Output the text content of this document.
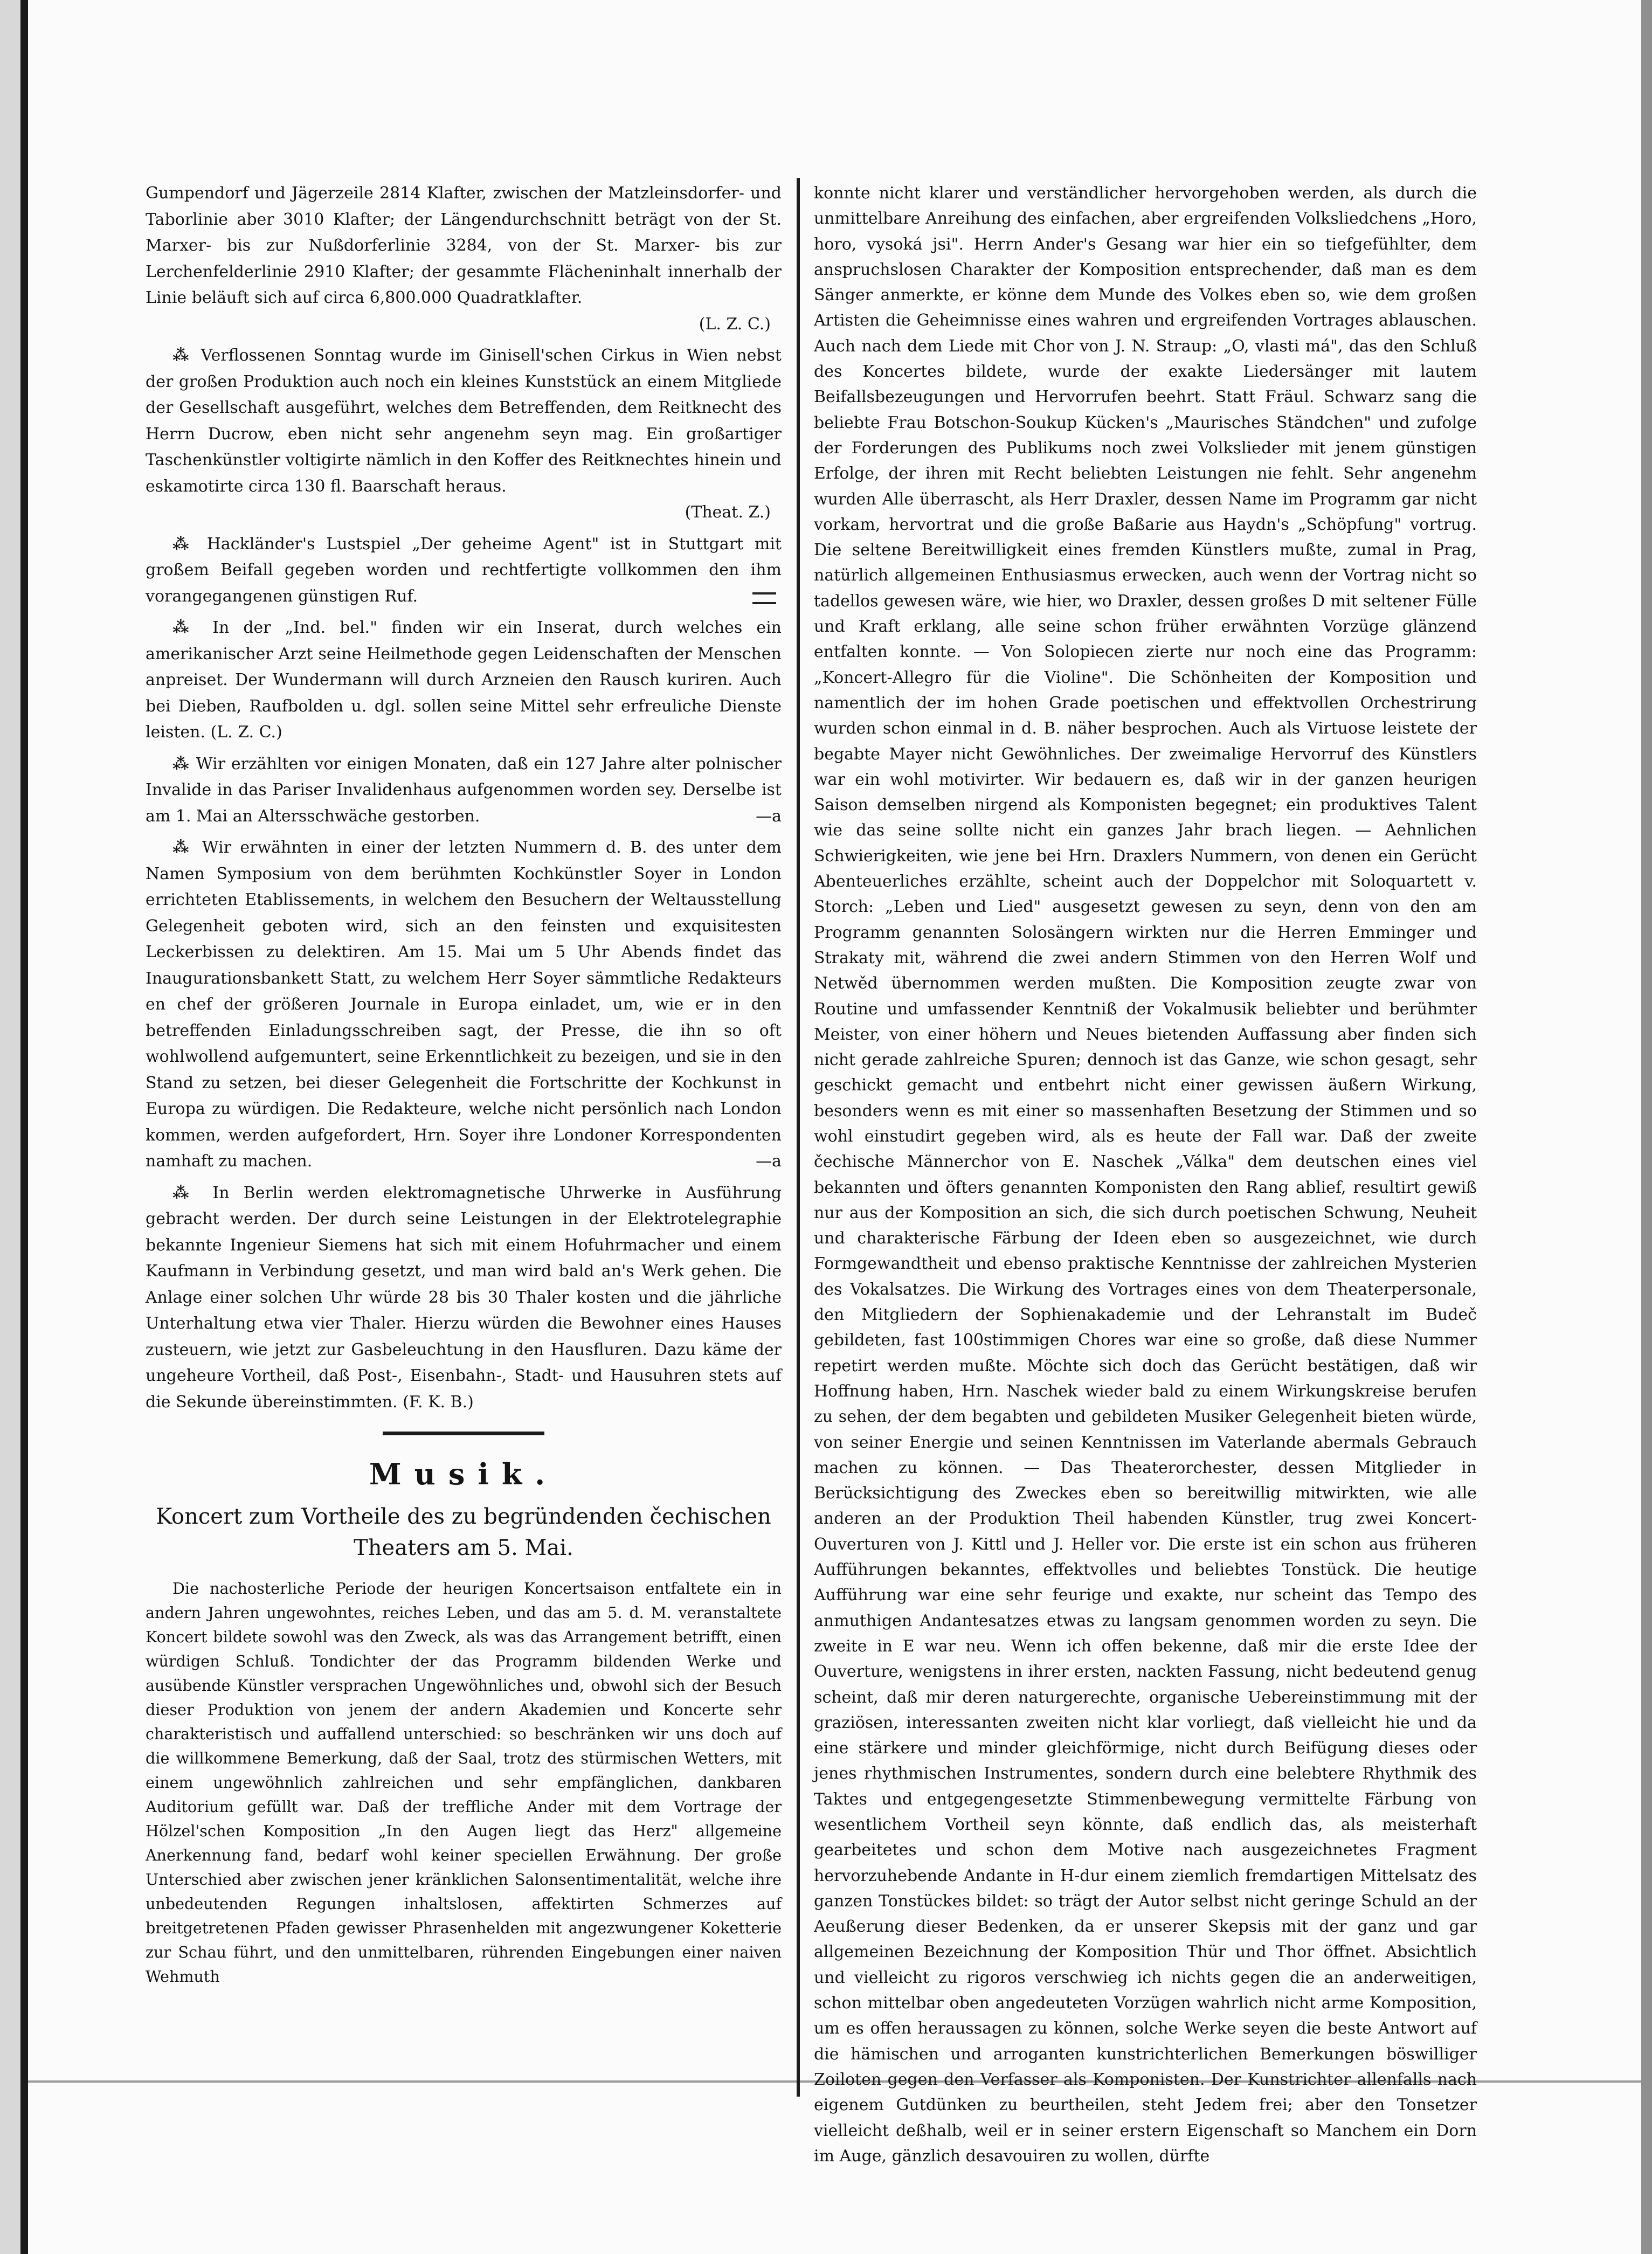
Gumpendorf und Jägerzeile 2814 Klafter, zwischen der Matzleinsdorfer- und Taborlinie aber 3010 Klafter; der Längendurchschnitt beträgt von der St. Marxer- bis zur Nußdorferlinie 3284, von der St. Marxer- bis zur Lerchenfelderlinie 2910 Klafter; der gesammte Flächeninhalt innerhalb der Linie beläuft sich auf circa 6,800.000 Quadratklafter.
(L. Z. C.)

⁂ Verflossenen Sonntag wurde im Ginisell'schen Cirkus in Wien nebst der großen Produktion auch noch ein kleines Kunststück an einem Mitgliede der Gesellschaft ausgeführt, welches dem Betreffenden, dem Reitknecht des Herrn Ducrow, eben nicht sehr angenehm seyn mag. Ein großartiger Taschenkünstler voltigirte nämlich in den Koffer des Reitknechtes hinein und eskamotirte circa 130 fl. Baarschaft heraus.
(Theat. Z.)

⁂ Hackländer's Lustspiel „Der geheime Agent" ist in Stuttgart mit großem Beifall gegeben worden und rechtfertigte vollkommen den ihm vorangegangenen günstigen Ruf.

⁂ In der „Ind. bel." finden wir ein Inserat, durch welches ein amerikanischer Arzt seine Heilmethode gegen Leidenschaften der Menschen anpreiset. Der Wundermann will durch Arzneien den Rausch kuriren. Auch bei Dieben, Raufbolden u. dgl. sollen seine Mittel sehr erfreuliche Dienste leisten. (L. Z. C.)

⁂ Wir erzählten vor einigen Monaten, daß ein 127 Jahre alter polnischer Invalide in das Pariser Invalidenhaus aufgenommen worden sey. Derselbe ist am 1. Mai an Altersschwäche gestorben.	—a

⁂ Wir erwähnten in einer der letzten Nummern d. B. des unter dem Namen Symposium von dem berühmten Kochkünstler Soyer in London errichteten Etablissements, in welchem den Besuchern der Weltausstellung Gelegenheit geboten wird, sich an den feinsten und exquisitesten Leckerbissen zu delektiren. Am 15. Mai um 5 Uhr Abends findet das Inaugurationsbankett Statt, zu welchem Herr Soyer sämmtliche Redakteurs en chef der größeren Journale in Europa einladet, um, wie er in den betreffenden Einladungsschreiben sagt, der Presse, die ihn so oft wohlwollend aufgemuntert, seine Erkenntlichkeit zu bezeigen, und sie in den Stand zu setzen, bei dieser Gelegenheit die Fortschritte der Kochkunst in Europa zu würdigen. Die Redakteure, welche nicht persönlich nach London kommen, werden aufgefordert, Hrn. Soyer ihre Londoner Korrespondenten namhaft zu machen.	—a

⁂ In Berlin werden elektromagnetische Uhrwerke in Ausführung gebracht werden. Der durch seine Leistungen in der Elektrotelegraphie bekannte Ingenieur Siemens hat sich mit einem Hofuhrmacher und einem Kaufmann in Verbindung gesetzt, und man wird bald an's Werk gehen. Die Anlage einer solchen Uhr würde 28 bis 30 Thaler kosten und die jährliche Unterhaltung etwa vier Thaler. Hierzu würden die Bewohner eines Hauses zusteuern, wie jetzt zur Gasbeleuchtung in den Hausfluren. Dazu käme der ungeheure Vortheil, daß Post-, Eisenbahn-, Stadt- und Hausuhren stets auf die Sekunde übereinstimmten. (F. K. B.)

Musik.
Koncert zum Vortheile des zu begründenden čechischen Theaters am 5. Mai.

Die nachosterliche Periode der heurigen Koncertsaison entfaltete ein in andern Jahren ungewohntes, reiches Leben, und das am 5. d. M. veranstaltete Koncert bildete sowohl was den Zweck, als was das Arrangement betrifft, einen würdigen Schluß. Tondichter der das Programm bildenden Werke und ausübende Künstler versprachen Ungewöhnliches und, obwohl sich der Besuch dieser Produktion von jenem der andern Akademien und Koncerte sehr charakteristisch und auffallend unterschied: so beschränken wir uns doch auf die willkommene Bemerkung, daß der Saal, trotz des stürmischen Wetters, mit einem ungewöhnlich zahlreichen und sehr empfänglichen, dankbaren Auditorium gefüllt war. Daß der treffliche Ander mit dem Vortrage der Hölzel'schen Komposition „In den Augen liegt das Herz" allgemeine Anerkennung fand, bedarf wohl keiner speciellen Erwähnung. Der große Unterschied aber zwischen jener kränklichen Salonsentimentalität, welche ihre unbedeutenden Regungen inhaltslosen, affektirten Schmerzes auf breitgetretenen Pfaden gewisser Phrasenhelden mit angezwungener Koketterie zur Schau führt, und den unmittelbaren, rührenden Eingebungen einer naiven Wehmuth

konnte nicht klarer und verständlicher hervorgehoben werden, als durch die unmittelbare Anreihung des einfachen, aber ergreifenden Volksliedchens „Horo, horo, vysoká jsi". Herrn Ander's Gesang war hier ein so tiefgefühlter, dem anspruchslosen Charakter der Komposition entsprechender, daß man es dem Sänger anmerkte, er könne dem Munde des Volkes eben so, wie dem großen Artisten die Geheimnisse eines wahren und ergreifenden Vortrages ablauschen. Auch nach dem Liede mit Chor von J. N. Straup: „O, vlasti má", das den Schluß des Koncertes bildete, wurde der exakte Liedersänger mit lautem Beifallsbezeugungen und Hervorrufen beehrt. Statt Fräul. Schwarz sang die beliebte Frau Botschon-Soukup Kücken's „Maurisches Ständchen" und zufolge der Forderungen des Publikums noch zwei Volkslieder mit jenem günstigen Erfolge, der ihren mit Recht beliebten Leistungen nie fehlt. Sehr angenehm wurden Alle überrascht, als Herr Draxler, dessen Name im Programm gar nicht vorkam, hervortrat und die große Baßarie aus Haydn's „Schöpfung" vortrug. Die seltene Bereitwilligkeit eines fremden Künstlers mußte, zumal in Prag, natürlich allgemeinen Enthusiasmus erwecken, auch wenn der Vortrag nicht so tadellos gewesen wäre, wie hier, wo Draxler, dessen großes D mit seltener Fülle und Kraft erklang, alle seine schon früher erwähnten Vorzüge glänzend entfalten konnte. — Von Solopiecen zierte nur noch eine das Programm: „Koncert-Allegro für die Violine". Die Schönheiten der Komposition und namentlich der im hohen Grade poetischen und effektvollen Orchestrirung wurden schon einmal in d. B. näher besprochen. Auch als Virtuose leistete der begabte Mayer nicht Gewöhnliches. Der zweimalige Hervorruf des Künstlers war ein wohl motivirter. Wir bedauern es, daß wir in der ganzen heurigen Saison demselben nirgend als Komponisten begegnet; ein produktives Talent wie das seine sollte nicht ein ganzes Jahr brach liegen. — Aehnlichen Schwierigkeiten, wie jene bei Hrn. Draxlers Nummern, von denen ein Gerücht Abenteuerliches erzählte, scheint auch der Doppelchor mit Soloquartett v. Storch: „Leben und Lied" ausgesetzt gewesen zu seyn, denn von den am Programm genannten Solosängern wirkten nur die Herren Emminger und Strakaty mit, während die zwei andern Stimmen von den Herren Wolf und Netwěd übernommen werden mußten. Die Komposition zeugte zwar von Routine und umfassender Kenntniß der Vokalmusik beliebter und berühmter Meister, von einer höhern und Neues bietenden Auffassung aber finden sich nicht gerade zahlreiche Spuren; dennoch ist das Ganze, wie schon gesagt, sehr geschickt gemacht und entbehrt nicht einer gewissen äußern Wirkung, besonders wenn es mit einer so massenhaften Besetzung der Stimmen und so wohl einstudirt gegeben wird, als es heute der Fall war. Daß der zweite čechische Männerchor von E. Naschek „Válka" dem deutschen eines viel bekannten und öfters genannten Komponisten den Rang ablief, resultirt gewiß nur aus der Komposition an sich, die sich durch poetischen Schwung, Neuheit und charakterische Färbung der Ideen eben so ausgezeichnet, wie durch Formgewandtheit und ebenso praktische Kenntnisse der zahlreichen Mysterien des Vokalsatzes. Die Wirkung des Vortrages eines von dem Theaterpersonale, den Mitgliedern der Sophienakademie und der Lehranstalt im Budeč gebildeten, fast 100stimmigen Chores war eine so große, daß diese Nummer repetirt werden mußte. Möchte sich doch das Gerücht bestätigen, daß wir Hoffnung haben, Hrn. Naschek wieder bald zu einem Wirkungskreise berufen zu sehen, der dem begabten und gebildeten Musiker Gelegenheit bieten würde, von seiner Energie und seinen Kenntnissen im Vaterlande abermals Gebrauch machen zu können. — Das Theaterorchester, dessen Mitglieder in Berücksichtigung des Zweckes eben so bereitwillig mitwirkten, wie alle anderen an der Produktion Theil habenden Künstler, trug zwei Koncert-Ouverturen von J. Kittl und J. Heller vor. Die erste ist ein schon aus früheren Aufführungen bekanntes, effektvolles und beliebtes Tonstück. Die heutige Aufführung war eine sehr feurige und exakte, nur scheint das Tempo des anmuthigen Andantesatzes etwas zu langsam genommen worden zu seyn. Die zweite in E war neu. Wenn ich offen bekenne, daß mir die erste Idee der Ouverture, wenigstens in ihrer ersten, nackten Fassung, nicht bedeutend genug scheint, daß mir deren naturgerechte, organische Uebereinstimmung mit der graziösen, interessanten zweiten nicht klar vorliegt, daß vielleicht hie und da eine stärkere und minder gleichförmige, nicht durch Beifügung dieses oder jenes rhythmischen Instrumentes, sondern durch eine belebtere Rhythmik des Taktes und entgegengesetzte Stimmenbewegung vermittelte Färbung von wesentlichem Vortheil seyn könnte, daß endlich das, als meisterhaft gearbeitetes und schon dem Motive nach ausgezeichnetes Fragment hervorzuhebende Andante in H-dur einem ziemlich fremdartigen Mittelsatz des ganzen Tonstückes bildet: so trägt der Autor selbst nicht geringe Schuld an der Aeußerung dieser Bedenken, da er unserer Skepsis mit der ganz und gar allgemeinen Bezeichnung der Komposition Thür und Thor öffnet. Absichtlich und vielleicht zu rigoros verschwieg ich nichts gegen die an anderweitigen, schon mittelbar oben angedeuteten Vorzügen wahrlich nicht arme Komposition, um es offen heraussagen zu können, solche Werke seyen die beste Antwort auf die hämischen und arroganten kunstrichterlichen Bemerkungen böswilliger Zoiloten gegen den Verfasser als Komponisten. Der Kunstrichter allenfalls nach eigenem Gutdünken zu beurtheilen, steht Jedem frei; aber den Tonsetzer vielleicht deßhalb, weil er in seiner erstern Eigenschaft so Manchem ein Dorn im Auge, gänzlich desavouiren zu wollen, dürfte
